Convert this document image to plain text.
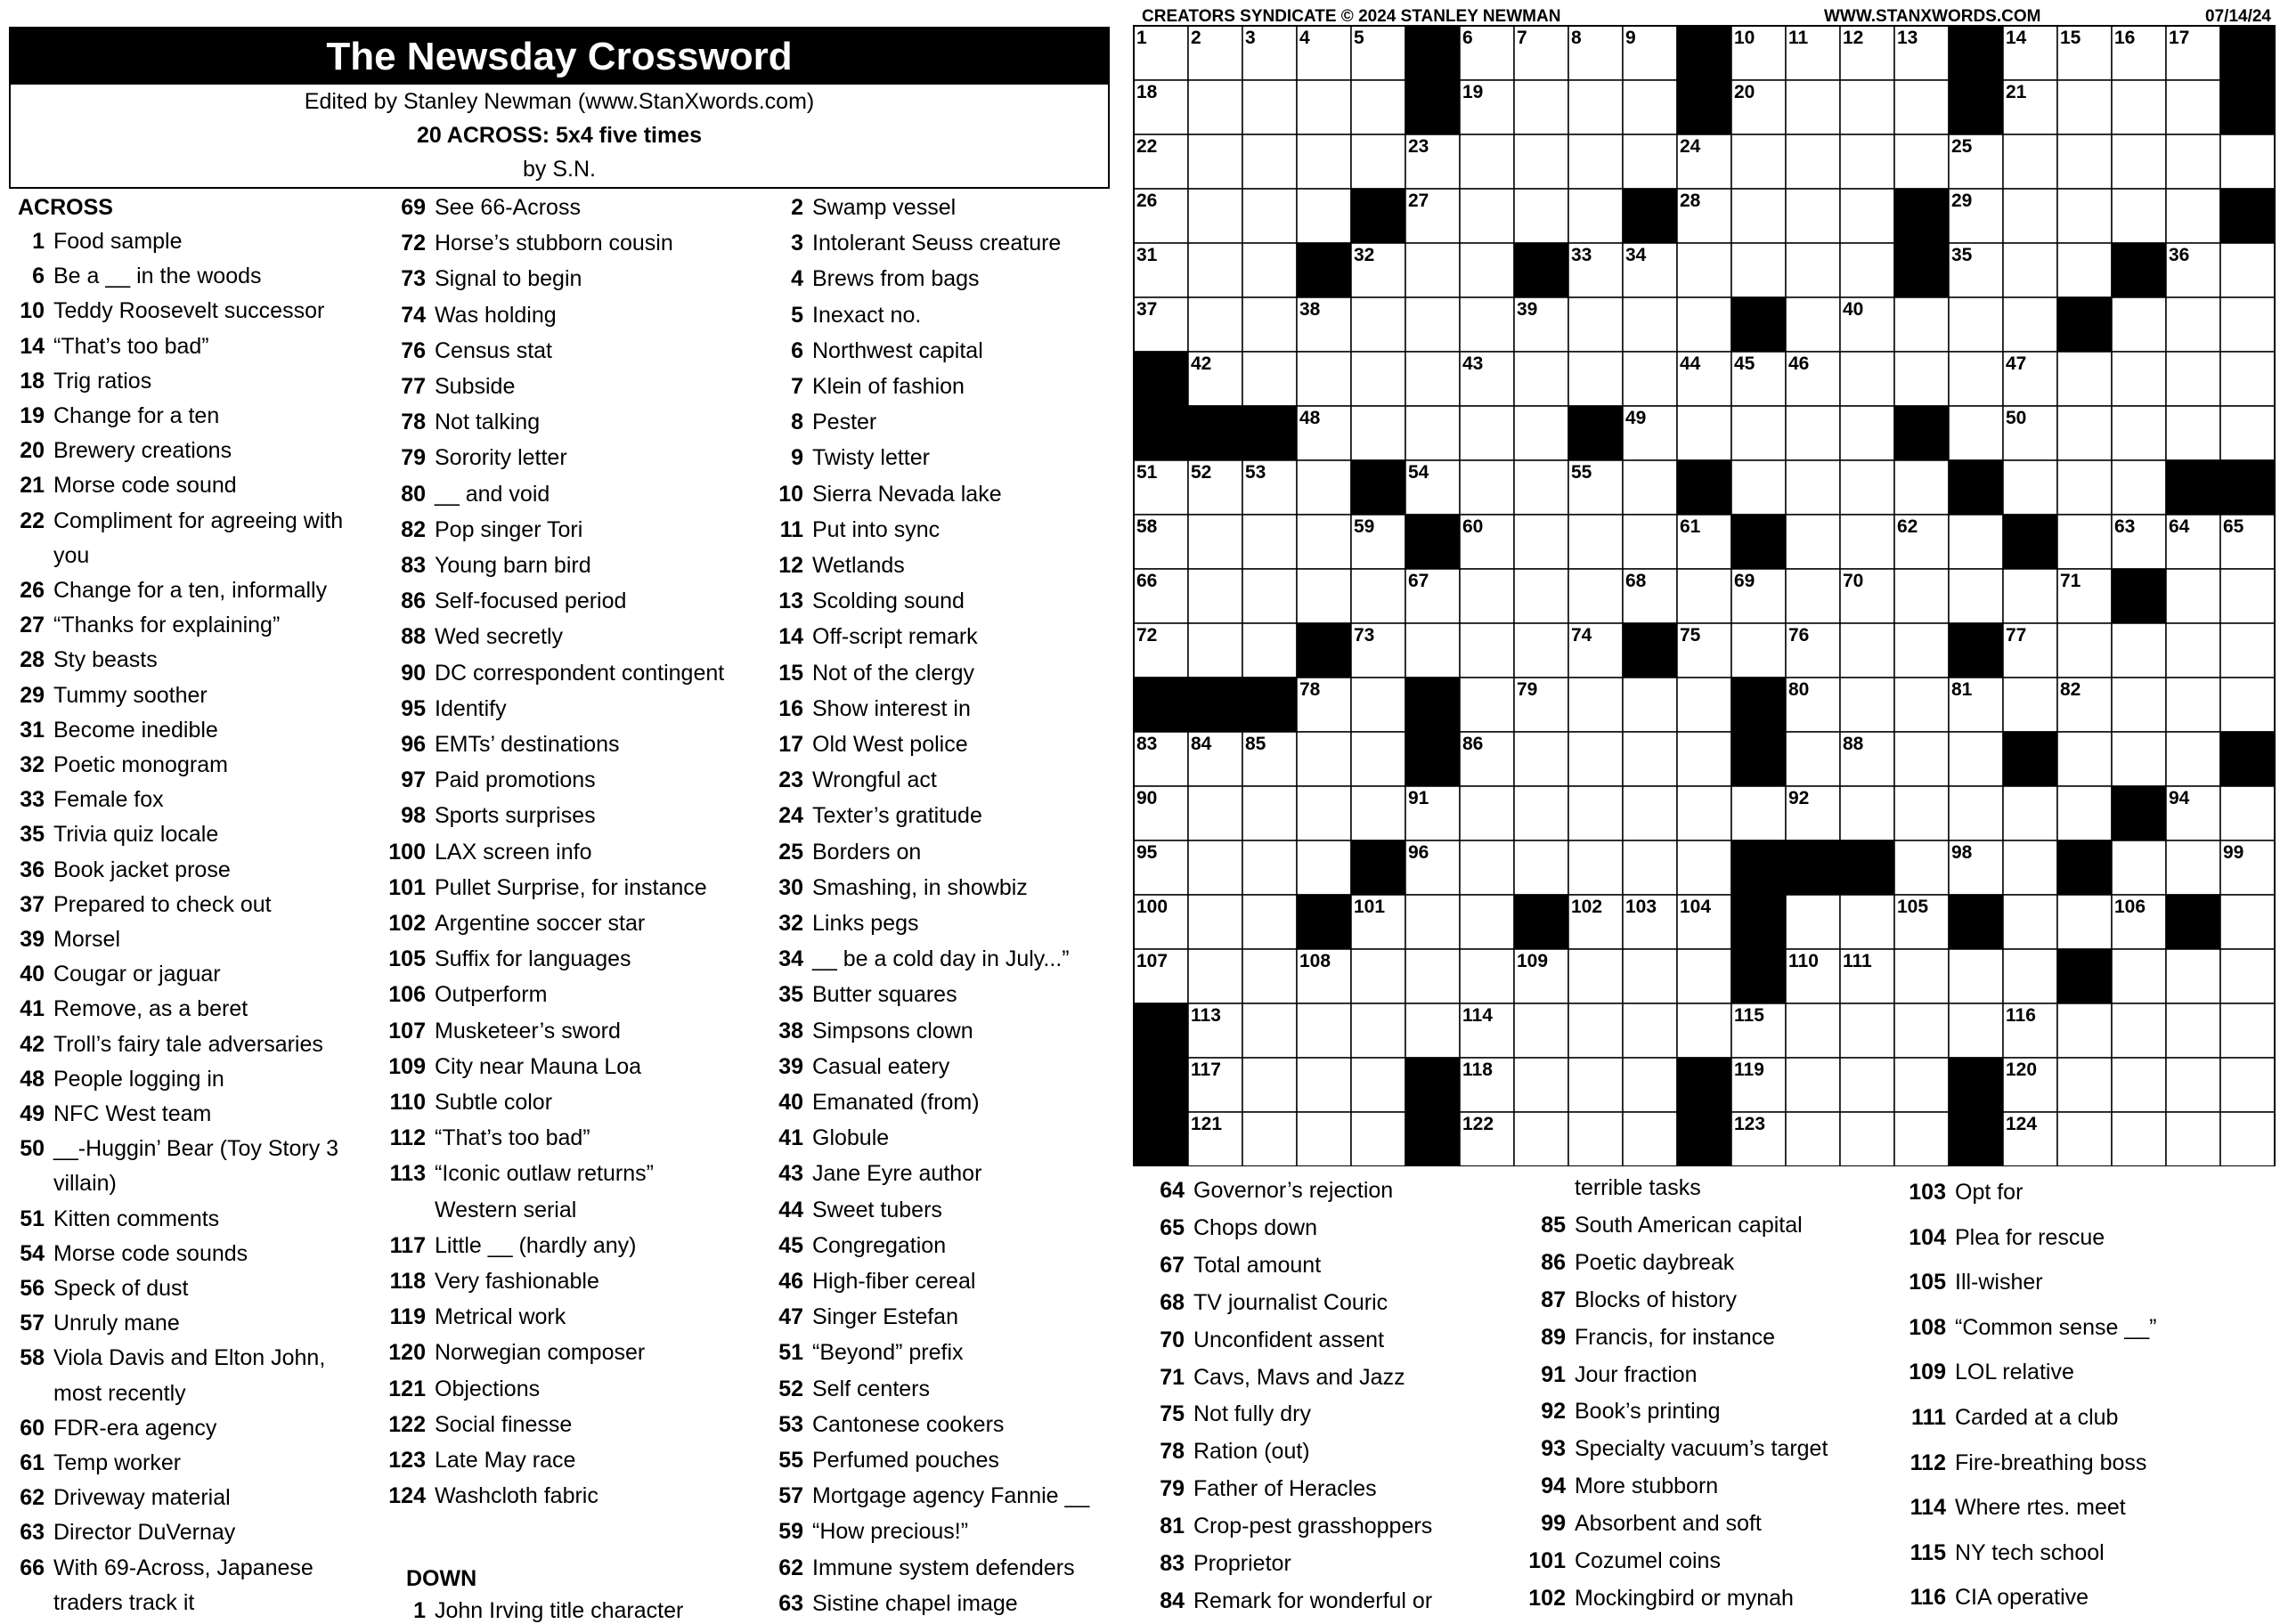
CREATORS SYNDICATE © 2024 STANLEY NEWMAN	WWW.STANXWORDS.COM	07/14/24
The Newsday Crossword
Edited by Stanley Newman (www.StanXwords.com)
20 ACROSS: 5x4 five times
by S.N.
1 2 3 4 5	6 7 8 9	10 11 12 13	14 15 16 17
18	19	20	21
22	23	24	25
26	27	28	29	30
31	32	33 34	35	36
37	38	39	40	41
42	43	44 45 46	47
48	49	50
51 52 53	54	55	56	57
58	59	60	61	62	63 64 65
66	67	68	69	70	71
72	73	74	75	76	77
78	79	80	81	82
83 84 85	86	87	88	89
90	91	92	93 94
95	96	97	98	99
100	101	102 103 104	105	106
107	108	109	110 111	112
113	114	115	116
117	118	119	120
121	122	123	124
ACROSS
1 Food sample
6 Be a __ in the woods
10 Teddy Roosevelt successor
14 “That’s too bad”
18 Trig ratios
19 Change for a ten
20 Brewery creations
21 Morse code sound
22 Compliment for agreeing with
you
26 Change for a ten, informally
27 “Thanks for explaining”
28 Sty beasts
29 Tummy soother
31 Become inedible
32 Poetic monogram
33 Female fox
35 Trivia quiz locale
36 Book jacket prose
37 Prepared to check out
39 Morsel
40 Cougar or jaguar
41 Remove, as a beret
42 Troll’s fairy tale adversaries
48 People logging in
49 NFC West team
50 __-Huggin’ Bear (Toy Story 3
villain)
51 Kitten comments
54 Morse code sounds
56 Speck of dust
57 Unruly mane
58 Viola Davis and Elton John,
most recently
60 FDR-era agency
61 Temp worker
62 Driveway material
63 Director DuVernay
66 With 69-Across, Japanese
traders track it
DOWN
69 See 66-Across
72 Horse’s stubborn cousin
73 Signal to begin
74 Was holding
76 Census stat
77 Subside
78 Not talking
79 Sorority letter
80 __ and void
82 Pop singer Tori
83 Young barn bird
86 Self-focused period
88 Wed secretly
90 DC correspondent contingent
95 Identify
96 EMTs’ destinations
97 Paid promotions
98 Sports surprises
100 LAX screen info
101 Pullet Surprise, for instance
102 Argentine soccer star
105 Suffix for languages
106 Outperform
107 Musketeer’s sword
109 City near Mauna Loa
110 Subtle color
112 “That’s too bad”
113 “Iconic outlaw returns”
Western serial
117 Little __ (hardly any)
118 Very fashionable
119 Metrical work
120 Norwegian composer
121 Objections
122 Social finesse
123 Late May race
124 Washcloth fabric
1 John Irving title character
2 Swamp vessel
3 Intolerant Seuss creature
4 Brews from bags
5 Inexact no.
6 Northwest capital
7 Klein of fashion
8 Pester
9 Twisty letter
10 Sierra Nevada lake
11 Put into sync
12 Wetlands
13 Scolding sound
14 Off-script remark
15 Not of the clergy
16 Show interest in
17 Old West police
23 Wrongful act
24 Texter’s gratitude
25 Borders on
30 Smashing, in showbiz
32 Links pegs
34 __ be a cold day in July...”
35 Butter squares
38 Simpsons clown
39 Casual eatery
40 Emanated (from)
41 Globule
43 Jane Eyre author
44 Sweet tubers
45 Congregation
46 High-fiber cereal
47 Singer Estefan
51 “Beyond” prefix
52 Self centers
53 Cantonese cookers
55 Perfumed pouches
57 Mortgage agency Fannie __
59 “How precious!”
62 Immune system defenders
63 Sistine chapel image
64 Governor’s rejection
65 Chops down
67 Total amount
68 TV journalist Couric
70 Unconfident assent
71 Cavs, Mavs and Jazz
75 Not fully dry
78 Ration (out)
79 Father of Heracles
81 Crop-pest grasshoppers
83 Proprietor
84 Remark for wonderful or
terrible tasks
85 South American capital
86 Poetic daybreak
87 Blocks of history
89 Francis, for instance
91 Jour fraction
92 Book’s printing
93 Specialty vacuum’s target
94 More stubborn
99 Absorbent and soft
101 Cozumel coins
102 Mockingbird or mynah
103 Opt for
104 Plea for rescue
105 Ill-wisher
108 “Common sense __”
109 LOL relative
111 Carded at a club
112 Fire-breathing boss
114 Where rtes. meet
115 NY tech school
116 CIA operative
